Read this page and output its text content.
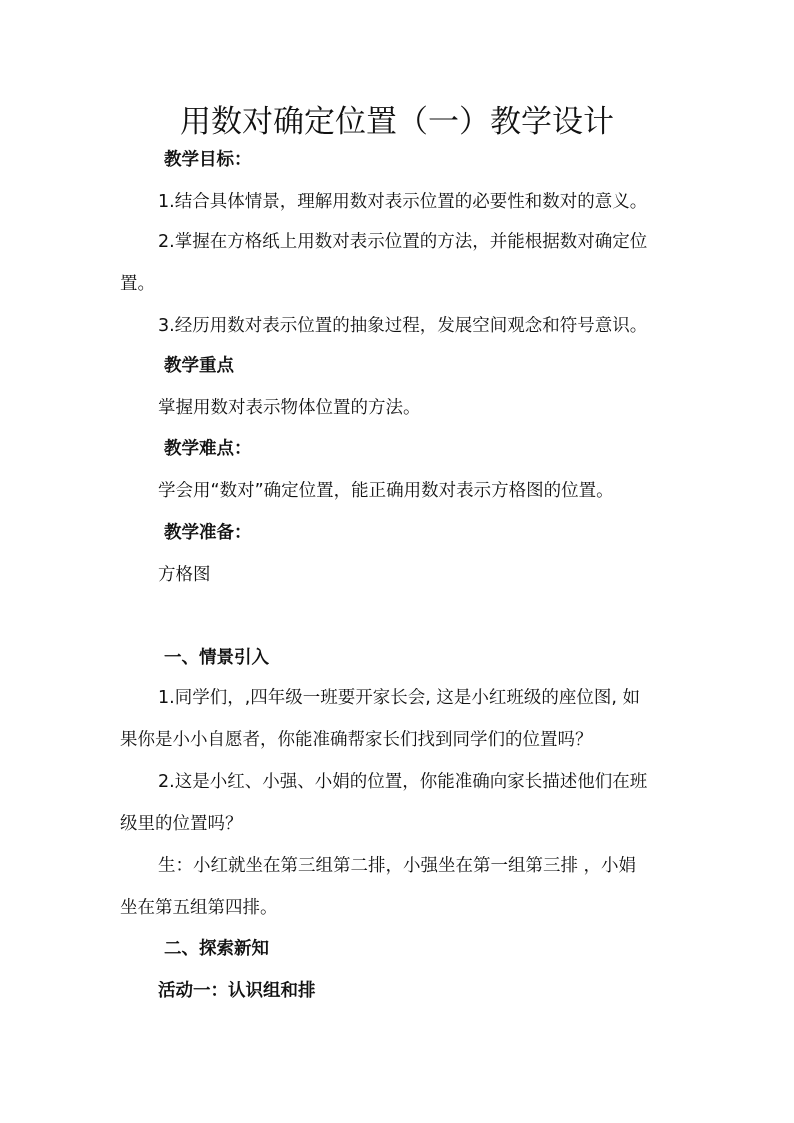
用数对确定位置（一）教学设计
教学目标：
1.结合具体情景，理解用数对表示位置的必要性和数对的意义。
2.掌握在方格纸上用数对表示位置的方法，并能根据数对确定位
置。
3.经历用数对表示位置的抽象过程，发展空间观念和符号意识。
教学重点
掌握用数对表示物体位置的方法。
教学难点：
学会用“数对”确定位置，能正确用数对表示方格图的位置。
教学准备：
方格图
一、情景引入
1.同学们，,四年级一班要开家长会, 这是小红班级的座位图, 如
果你是小小自愿者，你能准确帮家长们找到同学们的位置吗？
2.这是小红、小强、小娟的位置，你能准确向家长描述他们在班
级里的位置吗？
生：小红就坐在第三组第二排，小强坐在第一组第三排 ，小娟
坐在第五组第四排。
二、探索新知
活动一：认识组和排
